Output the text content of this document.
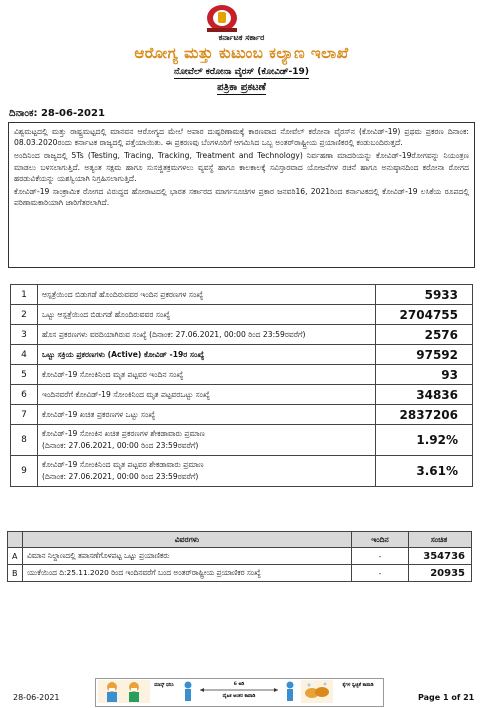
ಕರ್ನಾಟಕ ಸರ್ಕಾರ
ಆರೋಗ್ಯ ಮತ್ತು ಕುಟುಂಬ ಕಲ್ಯಾಣ ಇಲಾಖೆ
ನೋವೆಲ್ ಕರೋನಾ ವೈರಸ್ (ಕೋವಿಡ್-19)
ಪತ್ರಿಕಾ ಪ್ರಕಟಣೆ
ದಿನಾಂಕ: 28-06-2021

ವಿಶ್ವಮಟ್ಟದಲ್ಲಿ ಮತ್ತು ರಾಷ್ಟ್ರಮಟ್ಟದಲ್ಲಿ ಮಾನವನ ಆರೋಗ್ಯದ ಮೇಲೆ ಅಪಾರ ದುಷ್ಪರಿಣಾಮಕ್ಕೆ ಕಾರಣವಾದ ನೋವೆಲ್ ಕರೋನಾ ವೈರಸ್‌ನ (ಕೋವಿಡ್-19) ಪ್ರಥಮ ಪ್ರಕರಣ ದಿನಾಂಕ: 08.03.2020ರಂದು ಕರ್ನಾಟಕ ರಾಜ್ಯದಲ್ಲಿ ಪತ್ತೆಯಾಯಿತು. ಈ ಪ್ರಕರಣವು ಬೆಂಗಳೂರಿಗೆ ಆಗಮಿಸಿದ ಒಬ್ಬ ಅಂತರ್‌ರಾಷ್ಟ್ರೀಯ ಪ್ರಯಾಣಿಕರಲ್ಲಿ ಕಂಡುಬಂದಿರುತ್ತದೆ.

ಅಂದಿನಿಂದ ರಾಜ್ಯದಲ್ಲಿ 5Ts (Testing, Tracing, Tracking, Treatment and Technology) ನಿರ್ವಹಣಾ ಮಾದರಿಯನ್ನು ಕೋವಿಡ್-19ರೋಗವನ್ನು ನಿಯಂತ್ರಣ ಮಾಡಲು ಬಳಸಲಾಗುತ್ತಿದೆ. ಅತ್ಯಂತ ಸಕ್ಷಮ ಹಾಗೂ ಸುಸಜ್ಜಿತಕ್ರಮಗಳಲು ವ್ಯವಸ್ಥೆ ಹಾಗೂ ಕಾಲಕಾಲಕ್ಕೆ ಸವಿಸ್ತಾರವಾದ ಯೋಜನೆಗಳ ರಚನೆ ಹಾಗೂ ಅನುಷ್ಠಾನದಿಂದ ಕರೋನಾ ರೋಗದ ಹರಡುವಿಕೆಯನ್ನು ಯಶಸ್ವಿಯಾಗಿ ನಿಗ್ರಹಿಸಲಾಗುತ್ತಿದೆ.

ಕೋವಿಡ್-19 ಸಾಂಕ್ರಾಮಿಕ ರೋಗದ ವಿರುದ್ಧದ ಹೋರಾಟದಲ್ಲಿ ಭಾರತ ಸರ್ಕಾರದ ಮಾರ್ಗಸೂಚಿಗಳ ಪ್ರಕಾರ ಜನವರಿ16, 2021ರಿಂದ ಕರ್ನಾಟಕದಲ್ಲಿ ಕೋವಿಡ್-19 ಲಸಿಕೆಯ ರೂಪದಲ್ಲಿ ಪರಿಣಾಮಕಾರಿಯಾಗಿ ಜಾರಿಗೆತರಲಾಗಿದೆ.

1	ಆಸ್ಪತ್ರೆಯಿಂದ ಬಿಡುಗಡೆ ಹೊಂದಿರುವವರ ಇಂದಿನ ಪ್ರಕರಣಗಳ ಸಂಖ್ಯೆ	5933
2	ಒಟ್ಟು ಆಸ್ಪತ್ರೆಯಿಂದ ಬಿಡುಗಡೆ ಹೊಂದಿರುವವರ ಸಂಖ್ಯೆ	2704755
3	ಹೊಸ ಪ್ರಕರಣಗಳು ವರದಿಯಾಗಿರುವ ಸಂಖ್ಯೆ (ದಿನಾಂಕ: 27.06.2021, 00:00 ರಿಂದ 23:59ರವರೆಗೆ)	2576
4	ಒಟ್ಟು ಸಕ್ರಿಯ ಪ್ರಕರಣಗಳು (Active) ಕೋವಿಡ್ -19ರ ಸಂಖ್ಯೆ	97592
5	ಕೋವಿಡ್-19 ಸೋಂಕಿನಿಂದ ಮೃತ ಪಟ್ಟವರ ಇಂದಿನ ಸಂಖ್ಯೆ	93
6	ಇಂದಿನವರೆಗೆ ಕೋವಿಡ್-19 ಸೋಂಕಿನಿಂದ ಮೃತ ಪಟ್ಟವರಒಟ್ಟು ಸಂಖ್ಯೆ	34836
7	ಕೋವಿಡ್-19 ಖಚಿತ ಪ್ರಕರಣಗಳ ಒಟ್ಟು ಸಂಖ್ಯೆ	2837206
8	ಕೋವಿಡ್-19 ಸೋಂಕಿನ ಖಚಿತ ಪ್ರಕರಣಗಳ ಶೇಕಡಾವಾರು ಪ್ರಮಾಣ
(ದಿನಾಂಕ: 27.06.2021, 00:00 ರಿಂದ 23:59ರವರೆಗೆ)	1.92%
9	ಕೋವಿಡ್-19 ಸೋಂಕಿನಿಂದ ಮೃತ ಪಟ್ಟವರ ಶೇಕಡಾವಾರು ಪ್ರಮಾಣ
(ದಿನಾಂಕ: 27.06.2021, 00:00 ರಿಂದ 23:59ರವರೆಗೆ)	3.61%
	ವಿವರಗಳು	ಇಂದಿನ	ಸಂಚಿತ
A	ವಿಮಾನ ನಿಲ್ದಾಣದಲ್ಲಿ ತಪಾಸಣೆಗೊಳಪಟ್ಟ ಒಟ್ಟು ಪ್ರಯಾಣಿಕರು	-	354736
B	ಯುಕೆಯಿಂದ ದಿ:25.11.2020 ರಿಂದ ಇಂದಿನವರೆಗೆ ಬಂದ ಅಂತರ್‌ರಾಷ್ಟ್ರೀಯ ಪ್ರಯಾಣಿಕರ ಸಂಖ್ಯೆ	-	20935
28-06-2021
ಮಾಸ್ಕ್ ಧರಿಸಿ	6 ಅಡಿ
ದೈಹಿಕ ಅಂತರ ಕಾಪಾಡಿ
ಕೈಗಳ ಸ್ವಚ್ಛತೆ ಕಾಪಾಡಿ
Page 1 of 21
